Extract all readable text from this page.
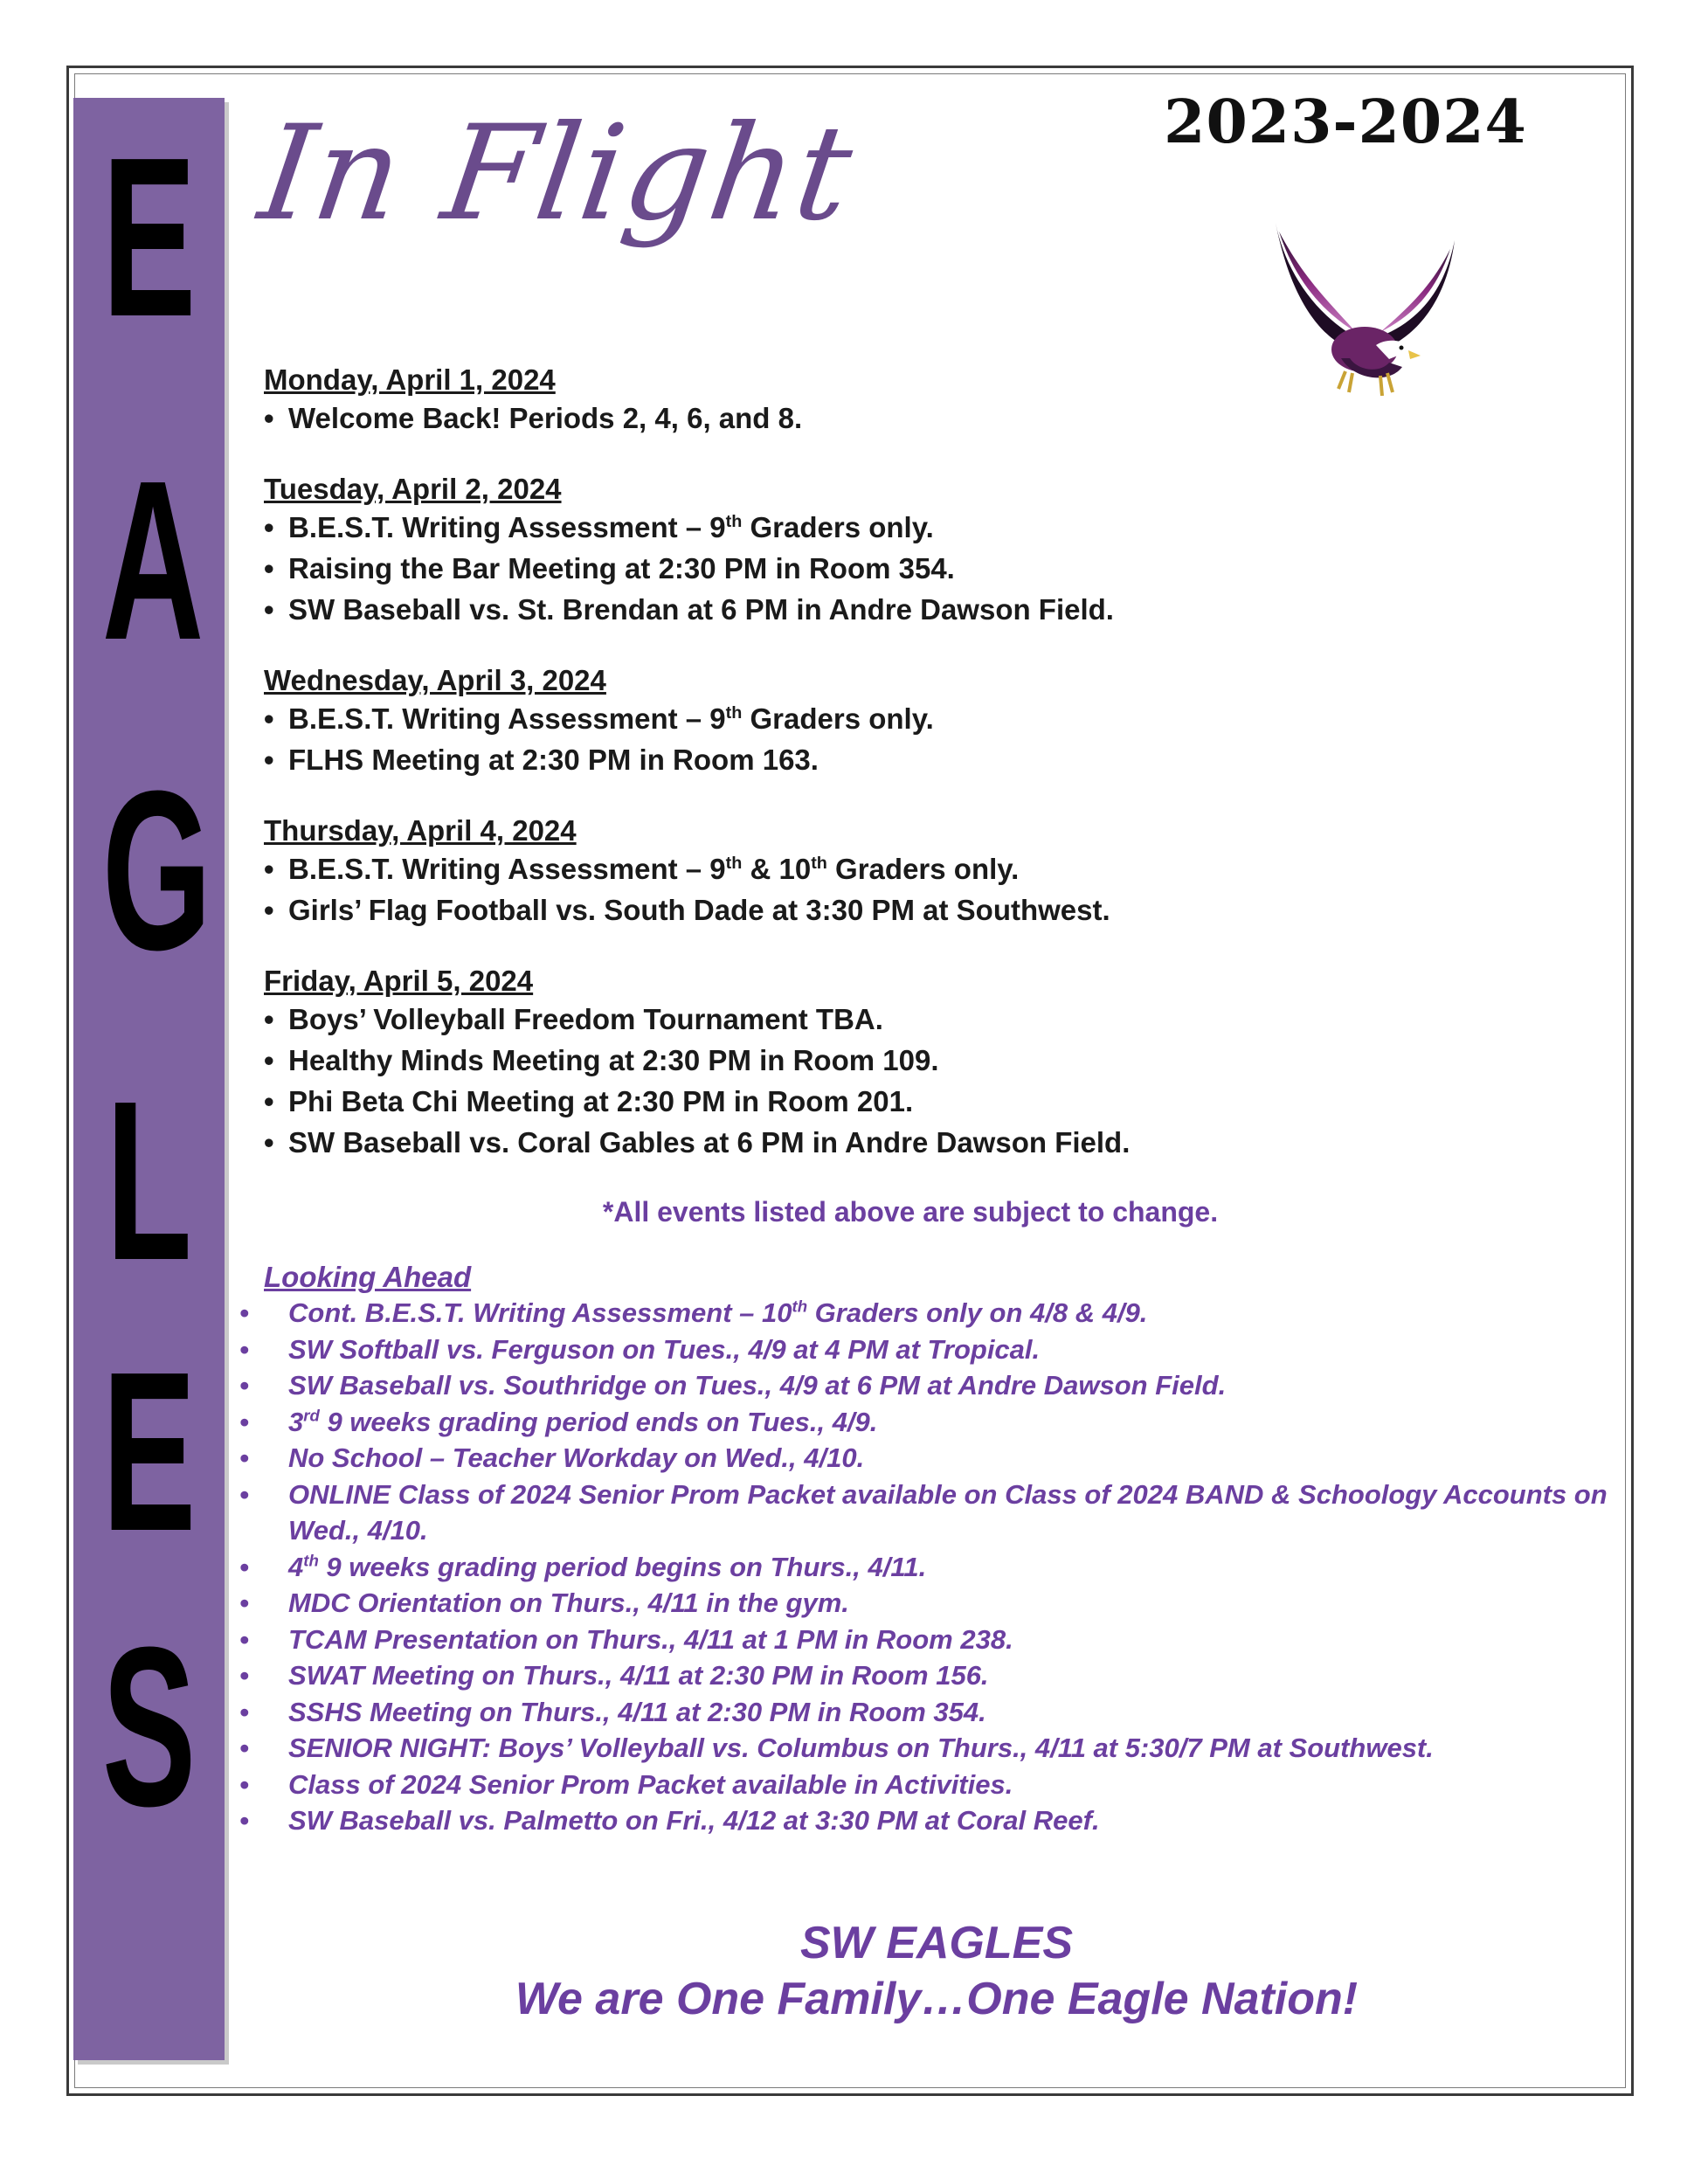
E
A
G
L
E
S
In Flight	2023-2024
Monday, April 1, 2024
• Welcome Back! Periods 2, 4, 6, and 8.
Tuesday, April 2, 2024
• B.E.S.T. Writing Assessment – 9th Graders only.
• Raising the Bar Meeting at 2:30 PM in Room 354.
• SW Baseball vs. St. Brendan at 6 PM in Andre Dawson Field.
Wednesday, April 3, 2024
• B.E.S.T. Writing Assessment – 9th Graders only.
• FLHS Meeting at 2:30 PM in Room 163.
Thursday, April 4, 2024
• B.E.S.T. Writing Assessment – 9th & 10th Graders only.
• Girls’ Flag Football vs. South Dade at 3:30 PM at Southwest.
Friday, April 5, 2024
• Boys’ Volleyball Freedom Tournament TBA.
• Healthy Minds Meeting at 2:30 PM in Room 109.
• Phi Beta Chi Meeting at 2:30 PM in Room 201.
• SW Baseball vs. Coral Gables at 6 PM in Andre Dawson Field.
*All events listed above are subject to change.
Looking Ahead
• Cont. B.E.S.T. Writing Assessment – 10th Graders only on 4/8 & 4/9.
• SW Softball vs. Ferguson on Tues., 4/9 at 4 PM at Tropical.
• SW Baseball vs. Southridge on Tues., 4/9 at 6 PM at Andre Dawson Field.
• 3rd 9 weeks grading period ends on Tues., 4/9.
• No School – Teacher Workday on Wed., 4/10.
• ONLINE Class of 2024 Senior Prom Packet available on Class of 2024 BAND & Schoology Accounts on Wed., 4/10.
• 4th 9 weeks grading period begins on Thurs., 4/11.
• MDC Orientation on Thurs., 4/11 in the gym.
• TCAM Presentation on Thurs., 4/11 at 1 PM in Room 238.
• SWAT Meeting on Thurs., 4/11 at 2:30 PM in Room 156.
• SSHS Meeting on Thurs., 4/11 at 2:30 PM in Room 354.
• SENIOR NIGHT: Boys’ Volleyball vs. Columbus on Thurs., 4/11 at 5:30/7 PM at Southwest.
• Class of 2024 Senior Prom Packet available in Activities.
• SW Baseball vs. Palmetto on Fri., 4/12 at 3:30 PM at Coral Reef.
SW EAGLES
We are One Family…One Eagle Nation!
